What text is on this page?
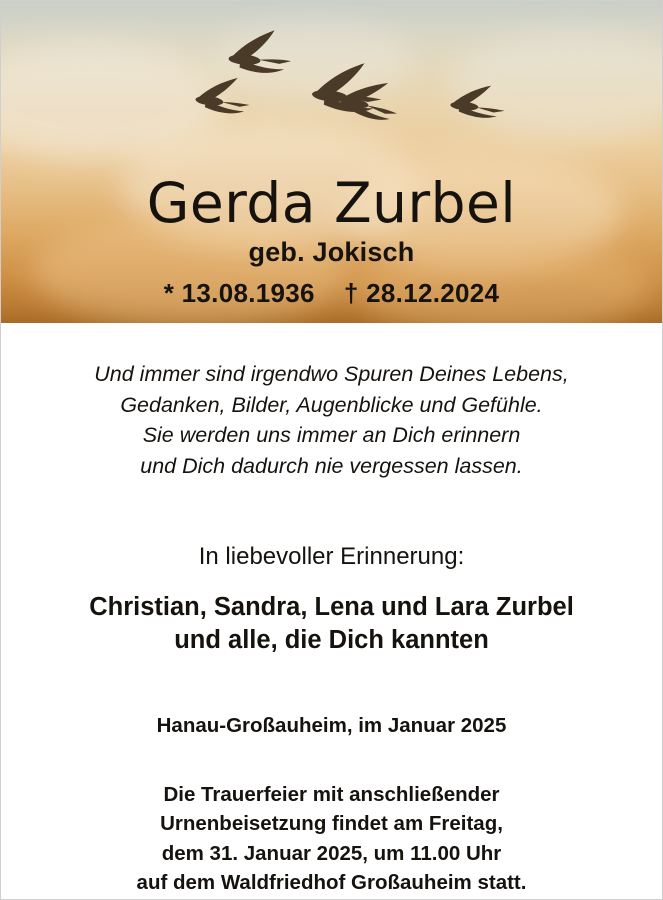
Gerda Zurbel
geb. Jokisch
* 13.08.1936 † 28.12.2024
Und immer sind irgendwo Spuren Deines Lebens,
Gedanken, Bilder, Augenblicke und Gefühle.
Sie werden uns immer an Dich erinnern
und Dich dadurch nie vergessen lassen.
In liebevoller Erinnerung:
Christian, Sandra, Lena und Lara Zurbel
und alle, die Dich kannten
Hanau-Großauheim, im Januar 2025
Die Trauerfeier mit anschließender
Urnenbeisetzung findet am Freitag,
dem 31. Januar 2025, um 11.00 Uhr
auf dem Waldfriedhof Großauheim statt.
